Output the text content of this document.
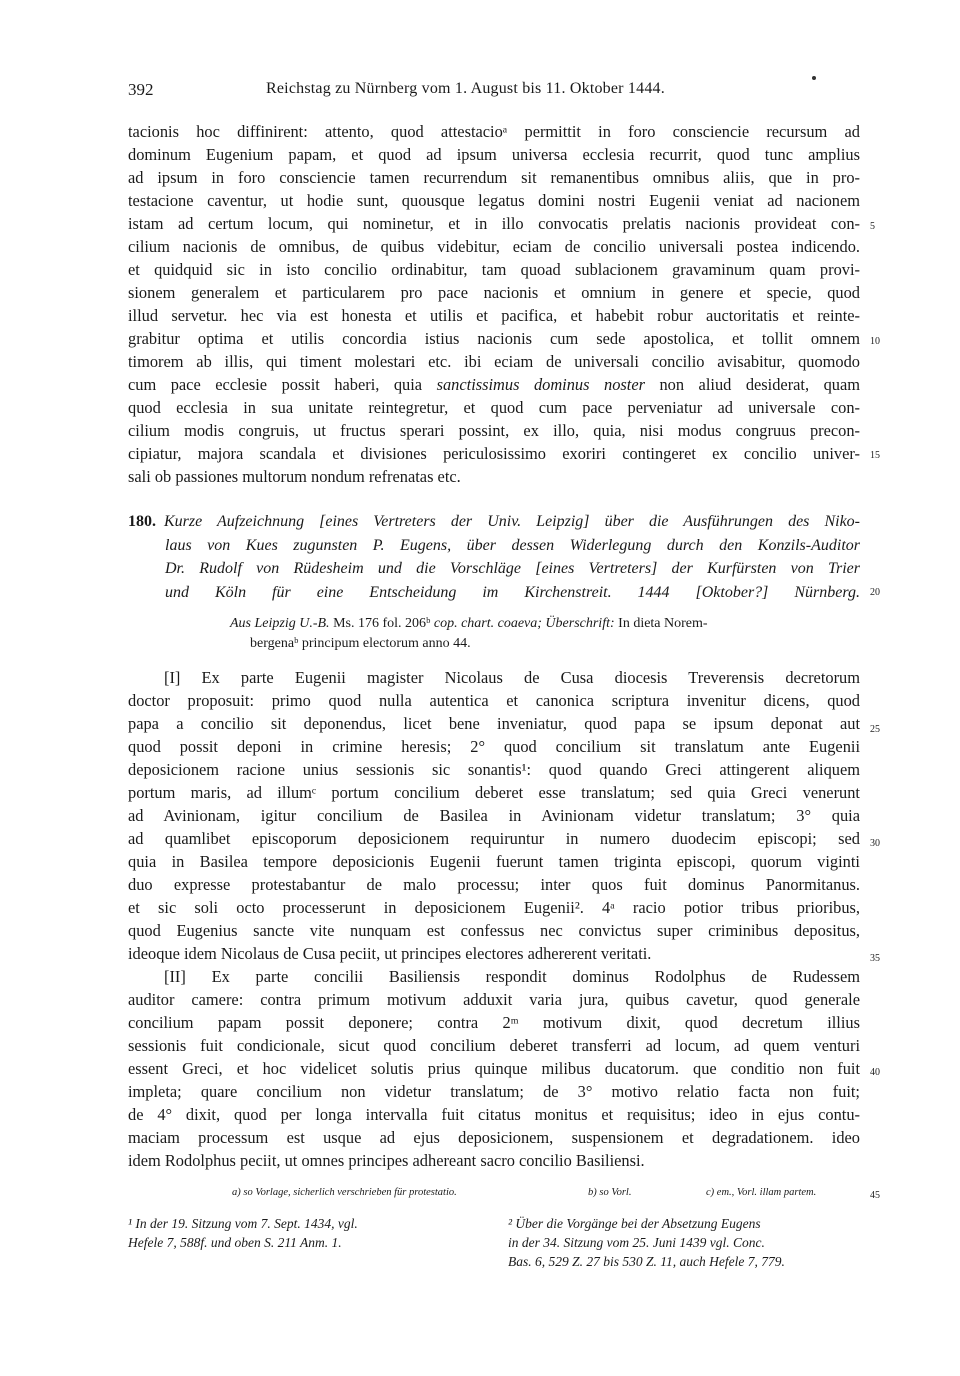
392	Reichstag zu Nürnberg vom 1. August bis 11. Oktober 1444.
tacionis hoc diffinirent: attento, quod attestacioᵃ permittit in foro consciencie recursum ad
dominum Eugenium papam, et quod ad ipsum universa ecclesia recurrit, quod tunc amplius
ad ipsum in foro consciencie tamen recurrendum sit remanentibus omnibus aliis, que in pro-
testacione caventur, ut hodie sunt, quousque legatus domini nostri Eugenii veniat ad nacionem
istam ad certum locum, qui nominetur, et in illo convocatis prelatis nacionis provideat con-
cilium nacionis de omnibus, de quibus videbitur, eciam de concilio universali postea indicendo.
et quidquid sic in isto concilio ordinabitur, tam quoad sublacionem gravaminum quam provi-
sionem generalem et particularem pro pace nacionis et omnium in genere et specie, quod
illud servetur. hec via est honesta et utilis et pacifica, et habebit robur auctoritatis et reinte-
grabitur optima et utilis concordia istius nacionis cum sede apostolica, et tollit omnem
timorem ab illis, qui timent molestari etc. ibi eciam de universali concilio avisabitur, quomodo
cum pace ecclesie possit haberi, quia sanctissimus dominus noster non aliud desiderat, quam
quod ecclesia in sua unitate reintegretur, et quod cum pace perveniatur ad universale con-
cilium modis congruis, ut fructus sperari possint, ex illo, quia, nisi modus congruus precon-
cipiatur, majora scandala et divisiones periculosissimo exoriri contingeret ex concilio univer-
sali ob passiones multorum nondum refrenatas etc.
180. Kurze Aufzeichnung [eines Vertreters der Univ. Leipzig] über die Ausführungen des Niko-
laus von Kues zugunsten P. Eugens, über dessen Widerlegung durch den Konzils-Auditor
Dr. Rudolf von Rüdesheim und die Vorschläge [eines Vertreters] der Kurfürsten von Trier
und Köln für eine Entscheidung im Kirchenstreit. 1444 [Oktober?] Nürnberg.
Aus Leipzig U.-B. Ms. 176 fol. 206ᵇ cop. chart. coaeva; Überschrift: In dieta Norem-
bergenaᵇ principum electorum anno 44.
[I] Ex parte Eugenii magister Nicolaus de Cusa diocesis Treverensis decretorum
doctor proposuit: primo quod nulla autentica et canonica scriptura invenitur dicens, quod
papa a concilio sit deponendus, licet bene inveniatur, quod papa se ipsum deponat aut
quod possit deponi in crimine heresis; 2° quod concilium sit translatum ante Eugenii
deposicionem racione unius sessionis sic sonantis¹: quod quando Greci attingerent aliquem
portum maris, ad illumᶜ portum concilium deberet esse translatum; sed quia Greci venerunt
ad Avinionam, igitur concilium de Basilea in Avinionam videtur translatum; 3° quia
ad quamlibet episcoporum deposicionem requiruntur in numero duodecim episcopi; sed
quia in Basilea tempore deposicionis Eugenii fuerunt tamen triginta episcopi, quorum viginti
duo expresse protestabantur de malo processu; inter quos fuit dominus Panormitanus.
et sic soli octo processerunt in deposicionem Eugenii². 4ᵃ racio potior tribus prioribus,
quod Eugenius sancte vite nunquam est confessus nec convictus super criminibus depositus,
ideoque idem Nicolaus de Cusa peciit, ut principes electores adhererent veritati.
[II] Ex parte concilii Basiliensis respondit dominus Rodolphus de Rudessem
auditor camere: contra primum motivum adduxit varia jura, quibus cavetur, quod generale
concilium papam possit deponere; contra 2ᵐ motivum dixit, quod decretum illius
sessionis fuit condicionale, sicut quod concilium deberet transferri ad locum, ad quem venturi
essent Greci, et hoc videlicet solutis prius quinque milibus ducatorum. que conditio non fuit
impleta; quare concilium non videtur translatum; de 3° motivo relatio facta non fuit;
de 4° dixit, quod per longa intervalla fuit citatus monitus et requisitus; ideo in ejus contu-
maciam processum est usque ad ejus deposicionem, suspensionem et degradationem. ideo
idem Rodolphus peciit, ut omnes principes adhereant sacro concilio Basiliensi.
5
10
15
20
25
30
35
40
45
a) so Vorlage, sicherlich verschrieben für protestatio.	b) so Vorl.	c) em., Vorl. illam partem.
¹ In der 19. Sitzung vom 7. Sept. 1434, vgl.
Hefele 7, 588f. und oben S. 211 Anm. 1.
² Über die Vorgänge bei der Absetzung Eugens
in der 34. Sitzung vom 25. Juni 1439 vgl. Conc.
Bas. 6, 529 Z. 27 bis 530 Z. 11, auch Hefele 7, 779.
